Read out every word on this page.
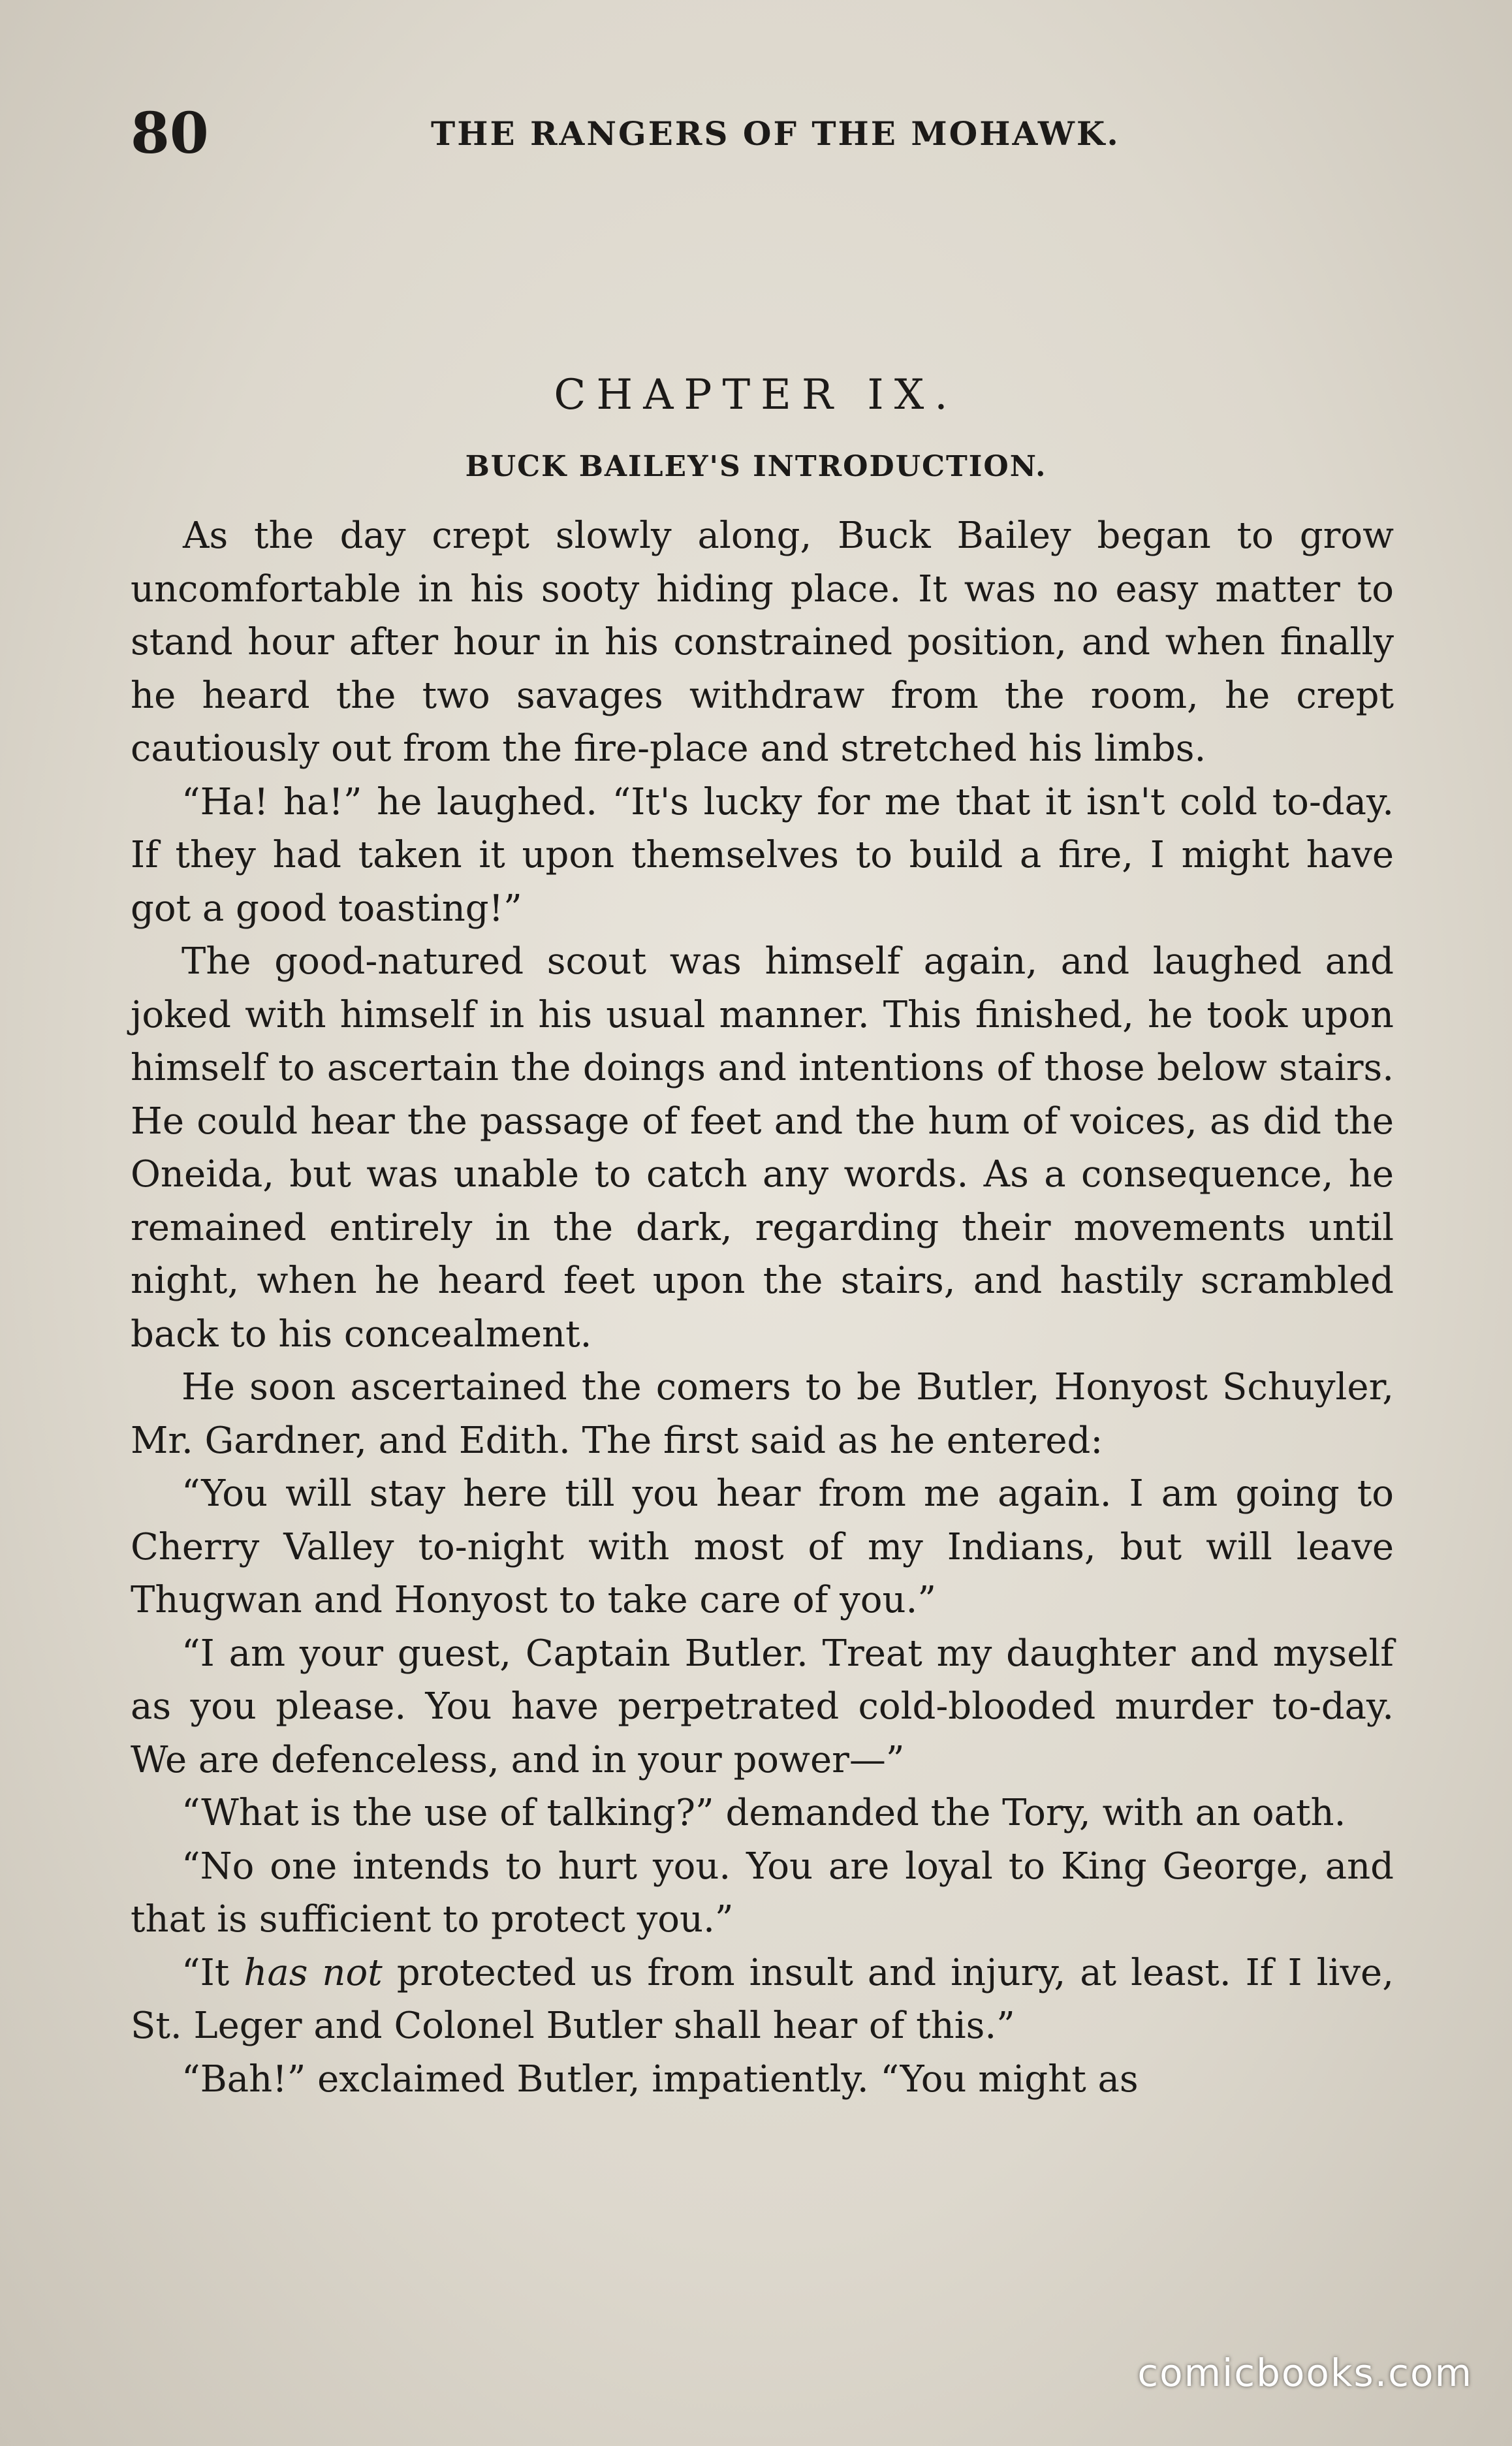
80	THE RANGERS OF THE MOHAWK.
CHAPTER IX.
BUCK BAILEY'S INTRODUCTION.

As the day crept slowly along, Buck Bailey began to grow uncomfortable in his sooty hiding place. It was no easy matter to stand hour after hour in his constrained position, and when finally he heard the two savages withdraw from the room, he crept cautiously out from the fire-place and stretched his limbs.

“Ha! ha!” he laughed. “It's lucky for me that it isn't cold to-day. If they had taken it upon themselves to build a fire, I might have got a good toasting!”

The good-natured scout was himself again, and laughed and joked with himself in his usual manner. This finished, he took upon himself to ascertain the doings and intentions of those below stairs. He could hear the passage of feet and the hum of voices, as did the Oneida, but was unable to catch any words. As a consequence, he remained entirely in the dark, regarding their movements until night, when he heard feet upon the stairs, and hastily scrambled back to his concealment.

He soon ascertained the comers to be Butler, Honyost Schuyler, Mr. Gardner, and Edith. The first said as he entered:

“You will stay here till you hear from me again. I am going to Cherry Valley to-night with most of my Indians, but will leave Thugwan and Honyost to take care of you.”

“I am your guest, Captain Butler. Treat my daughter and myself as you please. You have perpetrated cold-blooded murder to-day. We are defenceless, and in your power—”

“What is the use of talking?” demanded the Tory, with an oath.

“No one intends to hurt you. You are loyal to King George, and that is sufficient to protect you.”

“It has not protected us from insult and injury, at least. If I live, St. Leger and Colonel Butler shall hear of this.”

“Bah!” exclaimed Butler, impatiently. “You might as

comicbooks.com
